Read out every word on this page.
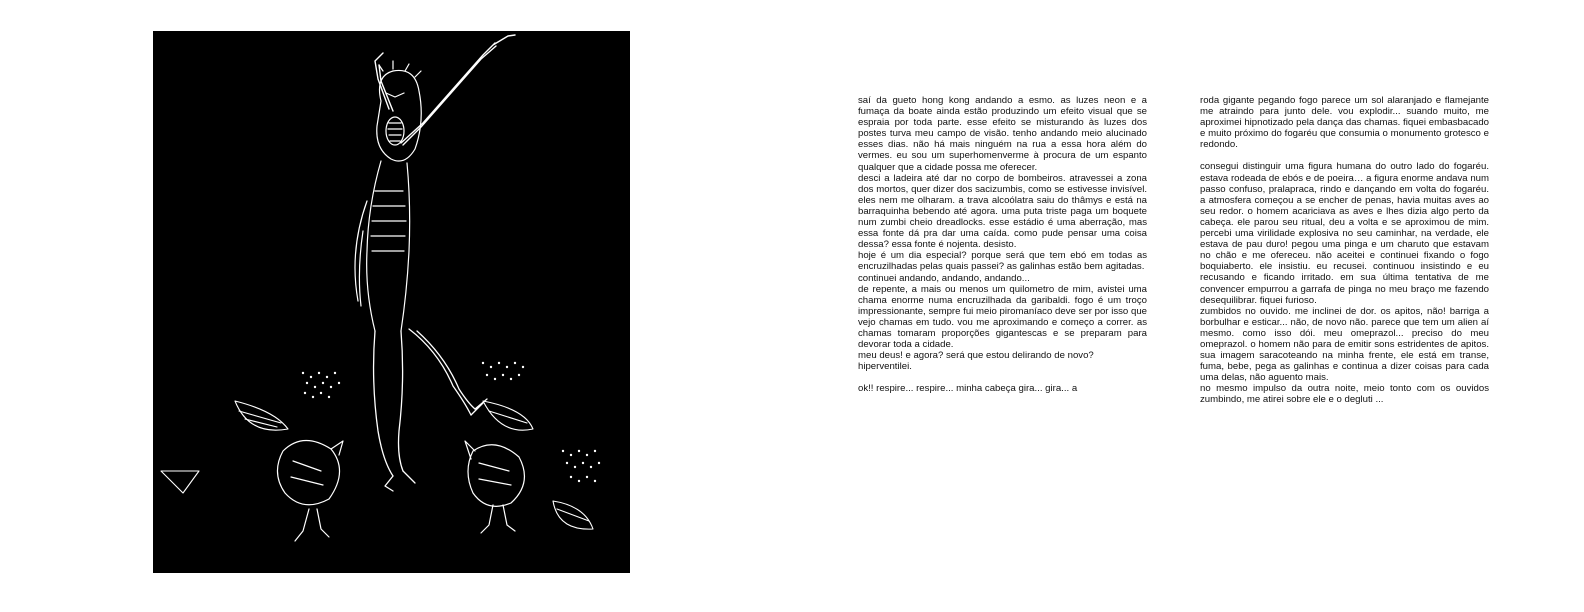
saí da gueto hong kong andando a esmo. as luzes neon e a fumaça da boate ainda estão produzindo um efeito visual que se espraia por toda parte. esse efeito se misturando às luzes dos postes turva meu campo de visão. tenho andando meio alucinado esses dias. não há mais ninguém na rua a essa hora além do vermes. eu sou um superhomenverme à procura de um espanto qualquer que a cidade possa me oferecer.

desci a ladeira até dar no corpo de bombeiros. atravessei a zona dos mortos, quer dizer dos sacizumbis, como se estivesse invisível. eles nem me olharam. a trava alcoólatra saiu do thâmys e está na barraquinha bebendo até agora. uma puta triste paga um boquete num zumbi cheio dreadlocks. esse estádio é uma aberração, mas essa fonte dá pra dar uma caída. como pude pensar uma coisa dessa? essa fonte é nojenta. desisto.

hoje é um dia especial? porque será que tem ebó em todas as encruzilhadas pelas quais passei? as galinhas estão bem agitadas.

continuei andando, andando, andando...

de repente, a mais ou menos um quilometro de mim, avistei uma chama enorme numa encruzilhada da garibaldi. fogo é um troço impressionante, sempre fui meio piromaníaco deve ser por isso que vejo chamas em tudo. vou me aproximando e começo a correr. as chamas tomaram proporções gigantescas e se preparam para devorar toda a cidade.

meu deus! e agora? será que estou delirando de novo?

hiperventilei.

ok!! respire... respire... minha cabeça gira... gira... a

roda gigante pegando fogo parece um sol alaranjado e flamejante me atraindo para junto dele. vou explodir... suando muito, me aproximei hipnotizado pela dança das chamas. fiquei embasbacado e muito próximo do fogaréu que consumia o monumento grotesco e redondo.

consegui distinguir uma figura humana do outro lado do fogaréu. estava rodeada de ebós e de poeira… a figura enorme andava num passo confuso, pralapraca, rindo e dançando em volta do fogaréu. a atmosfera começou a se encher de penas, havia muitas aves ao seu redor. o homem acariciava as aves e lhes dizia algo perto da cabeça. ele parou seu ritual, deu a volta e se aproximou de mim. percebi uma virilidade explosiva no seu caminhar, na verdade, ele estava de pau duro! pegou uma pinga e um charuto que estavam no chão e me ofereceu. não aceitei e continuei fixando o fogo boquiaberto. ele insistiu. eu recusei. continuou insistindo e eu recusando e ficando irritado. em sua última tentativa de me convencer empurrou a garrafa de pinga no meu braço me fazendo desequilibrar. fiquei furioso.

zumbidos no ouvido. me inclinei de dor. os apitos, não! barriga a borbulhar e esticar... não, de novo não. parece que tem um alien aí mesmo. como isso dói. meu omeprazol... preciso do meu omeprazol. o homem não para de emitir sons estridentes de apitos. sua imagem saracoteando na minha frente, ele está em transe, fuma, bebe, pega as galinhas e continua a dizer coisas para cada uma delas, não aguento mais.

no mesmo impulso da outra noite, meio tonto com os ouvidos zumbindo, me atirei sobre ele e o degluti ...
